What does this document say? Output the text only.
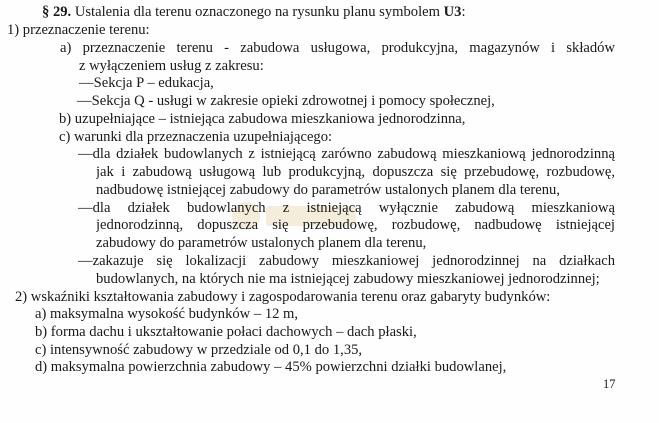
§ 29. Ustalenia dla terenu oznaczonego na rysunku planu symbolem U3:
1) przeznaczenie terenu:
a) przeznaczenie terenu - zabudowa usługowa, produkcyjna, magazynów i składów
z wyłączeniem usług z zakresu:
—Sekcja P – edukacja,
—Sekcja Q - usługi w zakresie opieki zdrowotnej i pomocy społecznej,
b) uzupełniające – istniejąca zabudowa mieszkaniowa jednorodzinna,
c) warunki dla przeznaczenia uzupełniającego:
—dla działek budowlanych z istniejącą zarówno zabudową mieszkaniową jednorodzinną
jak i zabudową usługową lub produkcyjną, dopuszcza się przebudowę, rozbudowę,
nadbudowę istniejącej zabudowy do parametrów ustalonych planem dla terenu,
—dla działek budowlanych z istniejącą wyłącznie zabudową mieszkaniową
jednorodzinną, dopuszcza się przebudowę, rozbudowę, nadbudowę istniejącej
zabudowy do parametrów ustalonych planem dla terenu,
—zakazuje się lokalizacji zabudowy mieszkaniowej jednorodzinnej na działkach
budowlanych, na których nie ma istniejącej zabudowy mieszkaniowej jednorodzinnej;
2) wskaźniki kształtowania zabudowy i zagospodarowania terenu oraz gabaryty budynków:
a) maksymalna wysokość budynków – 12 m,
b) forma dachu i ukształtowanie połaci dachowych – dach płaski,
c) intensywność zabudowy w przedziale od 0,1 do 1,35,
d) maksymalna powierzchnia zabudowy – 45% powierzchni działki budowlanej,
17
